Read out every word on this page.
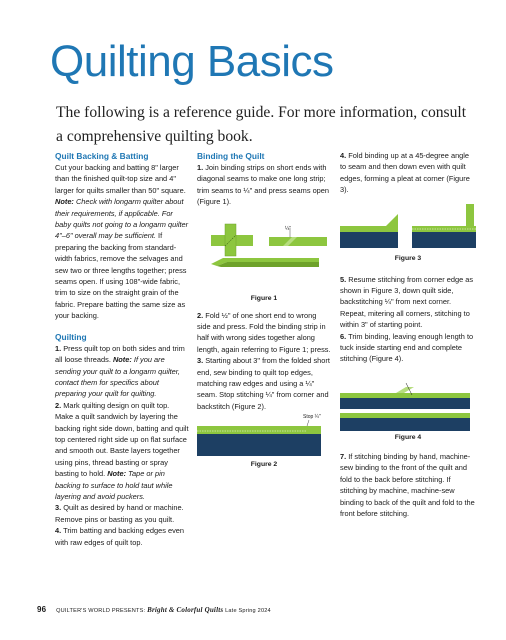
Quilting Basics
The following is a reference guide. For more information, consult a comprehensive quilting book.
Quilt Backing & Batting

Cut your backing and batting 8" larger than the finished quilt-top size and 4" larger for quilts smaller than 50" square. Note: Check with longarm quilter about their requirements, if applicable. For baby quilts not going to a longarm quilter 4"–6" overall may be sufficient. If preparing the backing from standard-width fabrics, remove the selvages and sew two or three lengths together; press seams open. If using 108"-wide fabric, trim to size on the straight grain of the fabric. Prepare batting the same size as your backing.

Quilting

1. Press quilt top on both sides and trim all loose threads. Note: If you are sending your quilt to a longarm quilter, contact them for specifics about preparing your quilt for quilting.

2. Mark quilting design on quilt top. Make a quilt sandwich by layering the backing right side down, batting and quilt top centered right side up on flat surface and smooth out. Baste layers together using pins, thread basting or spray basting to hold. Note: Tape or pin backing to surface to hold taut while layering and avoid puckers.

3. Quilt as desired by hand or machine. Remove pins or basting as you quilt.

4. Trim batting and backing edges even with raw edges of quilt top.

Binding the Quilt

1. Join binding strips on short ends with diagonal seams to make one long strip; trim seams to ¼" and press seams open (Figure 1).

¼"
Figure 1

2. Fold ½" of one short end to wrong side and press. Fold the binding strip in half with wrong sides together along length, again referring to Figure 1; press.

3. Starting about 3" from the folded short end, sew binding to quilt top edges, matching raw edges and using a ¼" seam. Stop stitching ¼" from corner and backstitch (Figure 2).

Stop ¼"
Figure 2

4. Fold binding up at a 45-degree angle to seam and then down even with quilt edges, forming a pleat at corner (Figure 3).

Figure 3

5. Resume stitching from corner edge as shown in Figure 3, down quilt side, backstitching ¼" from next corner. Repeat, mitering all corners, stitching to within 3" of starting point.

6. Trim binding, leaving enough length to tuck inside starting end and complete stitching (Figure 4).

Figure 4

7. If stitching binding by hand, machine-sew binding to the front of the quilt and fold to the back before stitching. If stitching by machine, machine-sew binding to back of the quilt and fold to the front before stitching.

96 QUILTER'S WORLD PRESENTS: Bright & Colorful Quilts Late Spring 2024
